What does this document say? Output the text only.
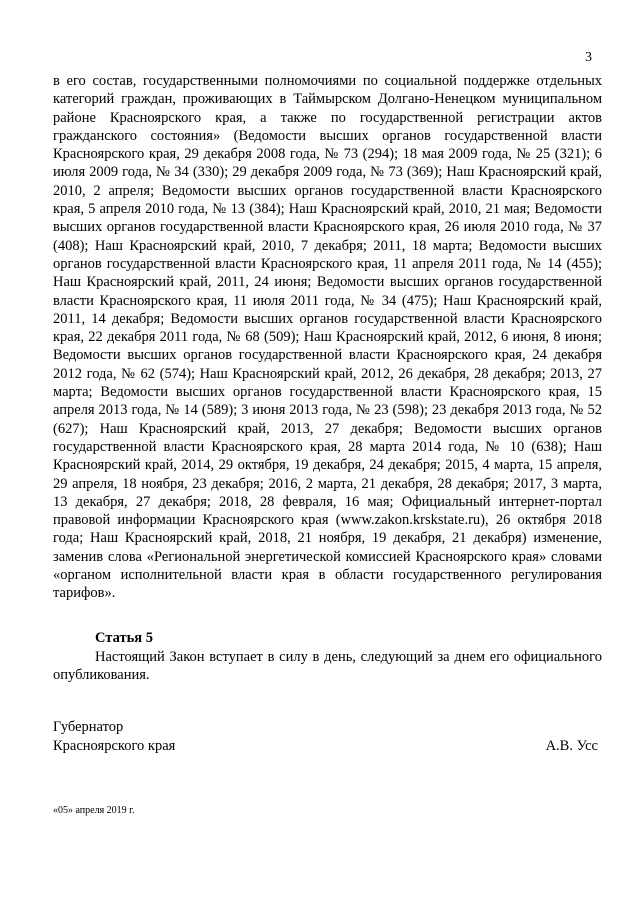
3

в его состав, государственными полномочиями по социальной поддержке отдельных категорий граждан, проживающих в Таймырском Долгано-Ненецком муниципальном районе Красноярского края, а также по государственной регистрации актов гражданского состояния» (Ведомости высших органов государственной власти Красноярского края, 29 декабря 2008 года, № 73 (294); 18 мая 2009 года, № 25 (321); 6 июля 2009 года, № 34 (330); 29 декабря 2009 года, № 73 (369); Наш Красноярский край, 2010, 2 апреля; Ведомости высших органов государственной власти Красноярского края, 5 апреля 2010 года, № 13 (384); Наш Красноярский край, 2010, 21 мая; Ведомости высших органов государственной власти Красноярского края, 26 июля 2010 года, № 37 (408); Наш Красноярский край, 2010, 7 декабря; 2011, 18 марта; Ведомости высших органов государственной власти Красноярского края, 11 апреля 2011 года, № 14 (455); Наш Красноярский край, 2011, 24 июня; Ведомости высших органов государственной власти Красноярского края, 11 июля 2011 года, № 34 (475); Наш Красноярский край, 2011, 14 декабря; Ведомости высших органов государственной власти Красноярского края, 22 декабря 2011 года, № 68 (509); Наш Красноярский край, 2012, 6 июня, 8 июня; Ведомости высших органов государственной власти Красноярского края, 24 декабря 2012 года, № 62 (574); Наш Красноярский край, 2012, 26 декабря, 28 декабря; 2013, 27 марта; Ведомости высших органов государственной власти Красноярского края, 15 апреля 2013 года, № 14 (589); 3 июня 2013 года, № 23 (598); 23 декабря 2013 года, № 52 (627); Наш Красноярский край, 2013, 27 декабря; Ведомости высших органов государственной власти Красноярского края, 28 марта 2014 года, № 10 (638); Наш Красноярский край, 2014, 29 октября, 19 декабря, 24 декабря; 2015, 4 марта, 15 апреля, 29 апреля, 18 ноября, 23 декабря; 2016, 2 марта, 21 декабря, 28 декабря; 2017, 3 марта, 13 декабря, 27 декабря; 2018, 28 февраля, 16 мая; Официальный интернет-портал правовой информации Красноярского края (www.zakon.krskstate.ru), 26 октября 2018 года; Наш Красноярский край, 2018, 21 ноября, 19 декабря, 21 декабря) изменение, заменив слова «Региональной энергетической комиссией Красноярского края» словами «органом исполнительной власти края в области государственного регулирования тарифов».

Статья 5

Настоящий Закон вступает в силу в день, следующий за днем его официального опубликования.

Губернатор
Красноярского края	А.В. Усс
«05» апреля 2019 г.
